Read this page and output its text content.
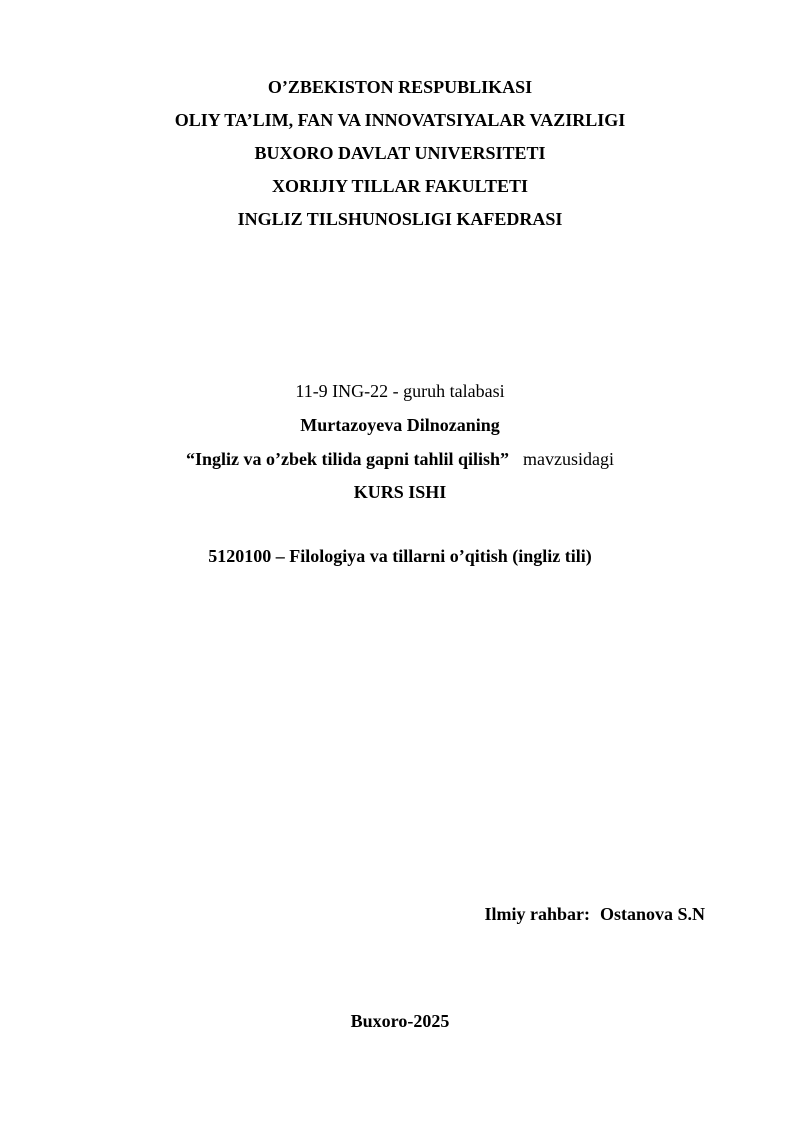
O’ZBEKISTON RESPUBLIKASI
OLIY TA’LIM, FAN VA INNOVATSIYALAR VAZIRLIGI
BUXORO DAVLAT UNIVERSITETI
XORIJIY TILLAR FAKULTETI
INGLIZ TILSHUNOSLIGI KAFEDRASI
11-9 ING-22 - guruh talabasi
Murtazoyeva Dilnozaning
“Ingliz va o’zbek tilida gapni tahlil qilish” mavzusidagi
KURS ISHI
5120100 – Filologiya va tillarni o’qitish (ingliz tili)
Ilmiy rahbar: Ostanova S.N
Buxoro-2025
